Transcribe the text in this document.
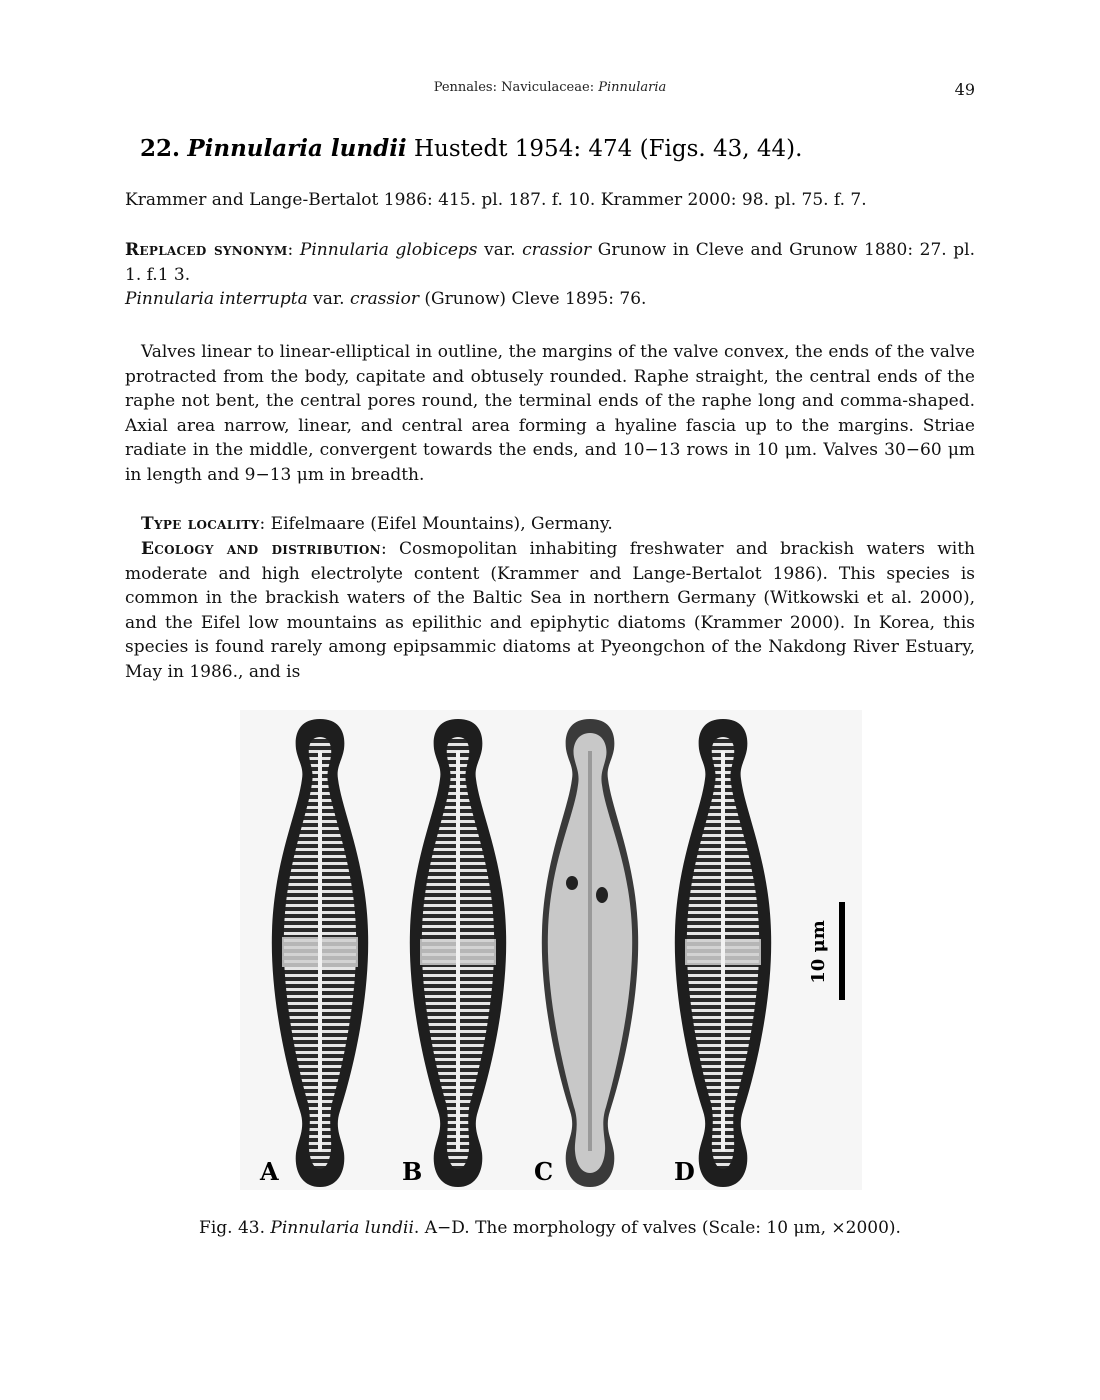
Pennales: Naviculaceae: Pinnularia	49
22. Pinnularia lundii Hustedt 1954: 474 (Figs. 43, 44).
Krammer and Lange-Bertalot 1986: 415. pl. 187. f. 10. Krammer 2000: 98. pl. 75. f. 7.
Replaced synonym: Pinnularia globiceps var. crassior Grunow in Cleve and Grunow 1880: 27. pl. 1. f.1 3.
Pinnularia interrupta var. crassior (Grunow) Cleve 1895: 76.
Valves linear to linear-elliptical in outline, the margins of the valve convex, the ends of the valve protracted from the body, capitate and obtusely rounded. Raphe straight, the central ends of the raphe not bent, the central pores round, the terminal ends of the raphe long and comma-shaped. Axial area narrow, linear, and central area forming a hyaline fascia up to the margins. Striae radiate in the middle, convergent towards the ends, and 10−13 rows in 10 μm. Valves 30−60 μm in length and 9−13 μm in breadth.
Type locality: Eifelmaare (Eifel Mountains), Germany.

Ecology and distribution: Cosmopolitan inhabiting freshwater and brackish waters with moderate and high electrolyte content (Krammer and Lange-Bertalot 1986). This species is common in the brackish waters of the Baltic Sea in northern Germany (Witkowski et al. 2000), and the Eifel low mountains as epilithic and epiphytic diatoms (Krammer 2000). In Korea, this species is found rarely among epipsammic diatoms at Pyeongchon of the Nakdong River Estuary, May in 1986., and is

A	B	C	D
10 μm
Fig. 43. Pinnularia lundii. A−D. The morphology of valves (Scale: 10 μm, ×2000).
